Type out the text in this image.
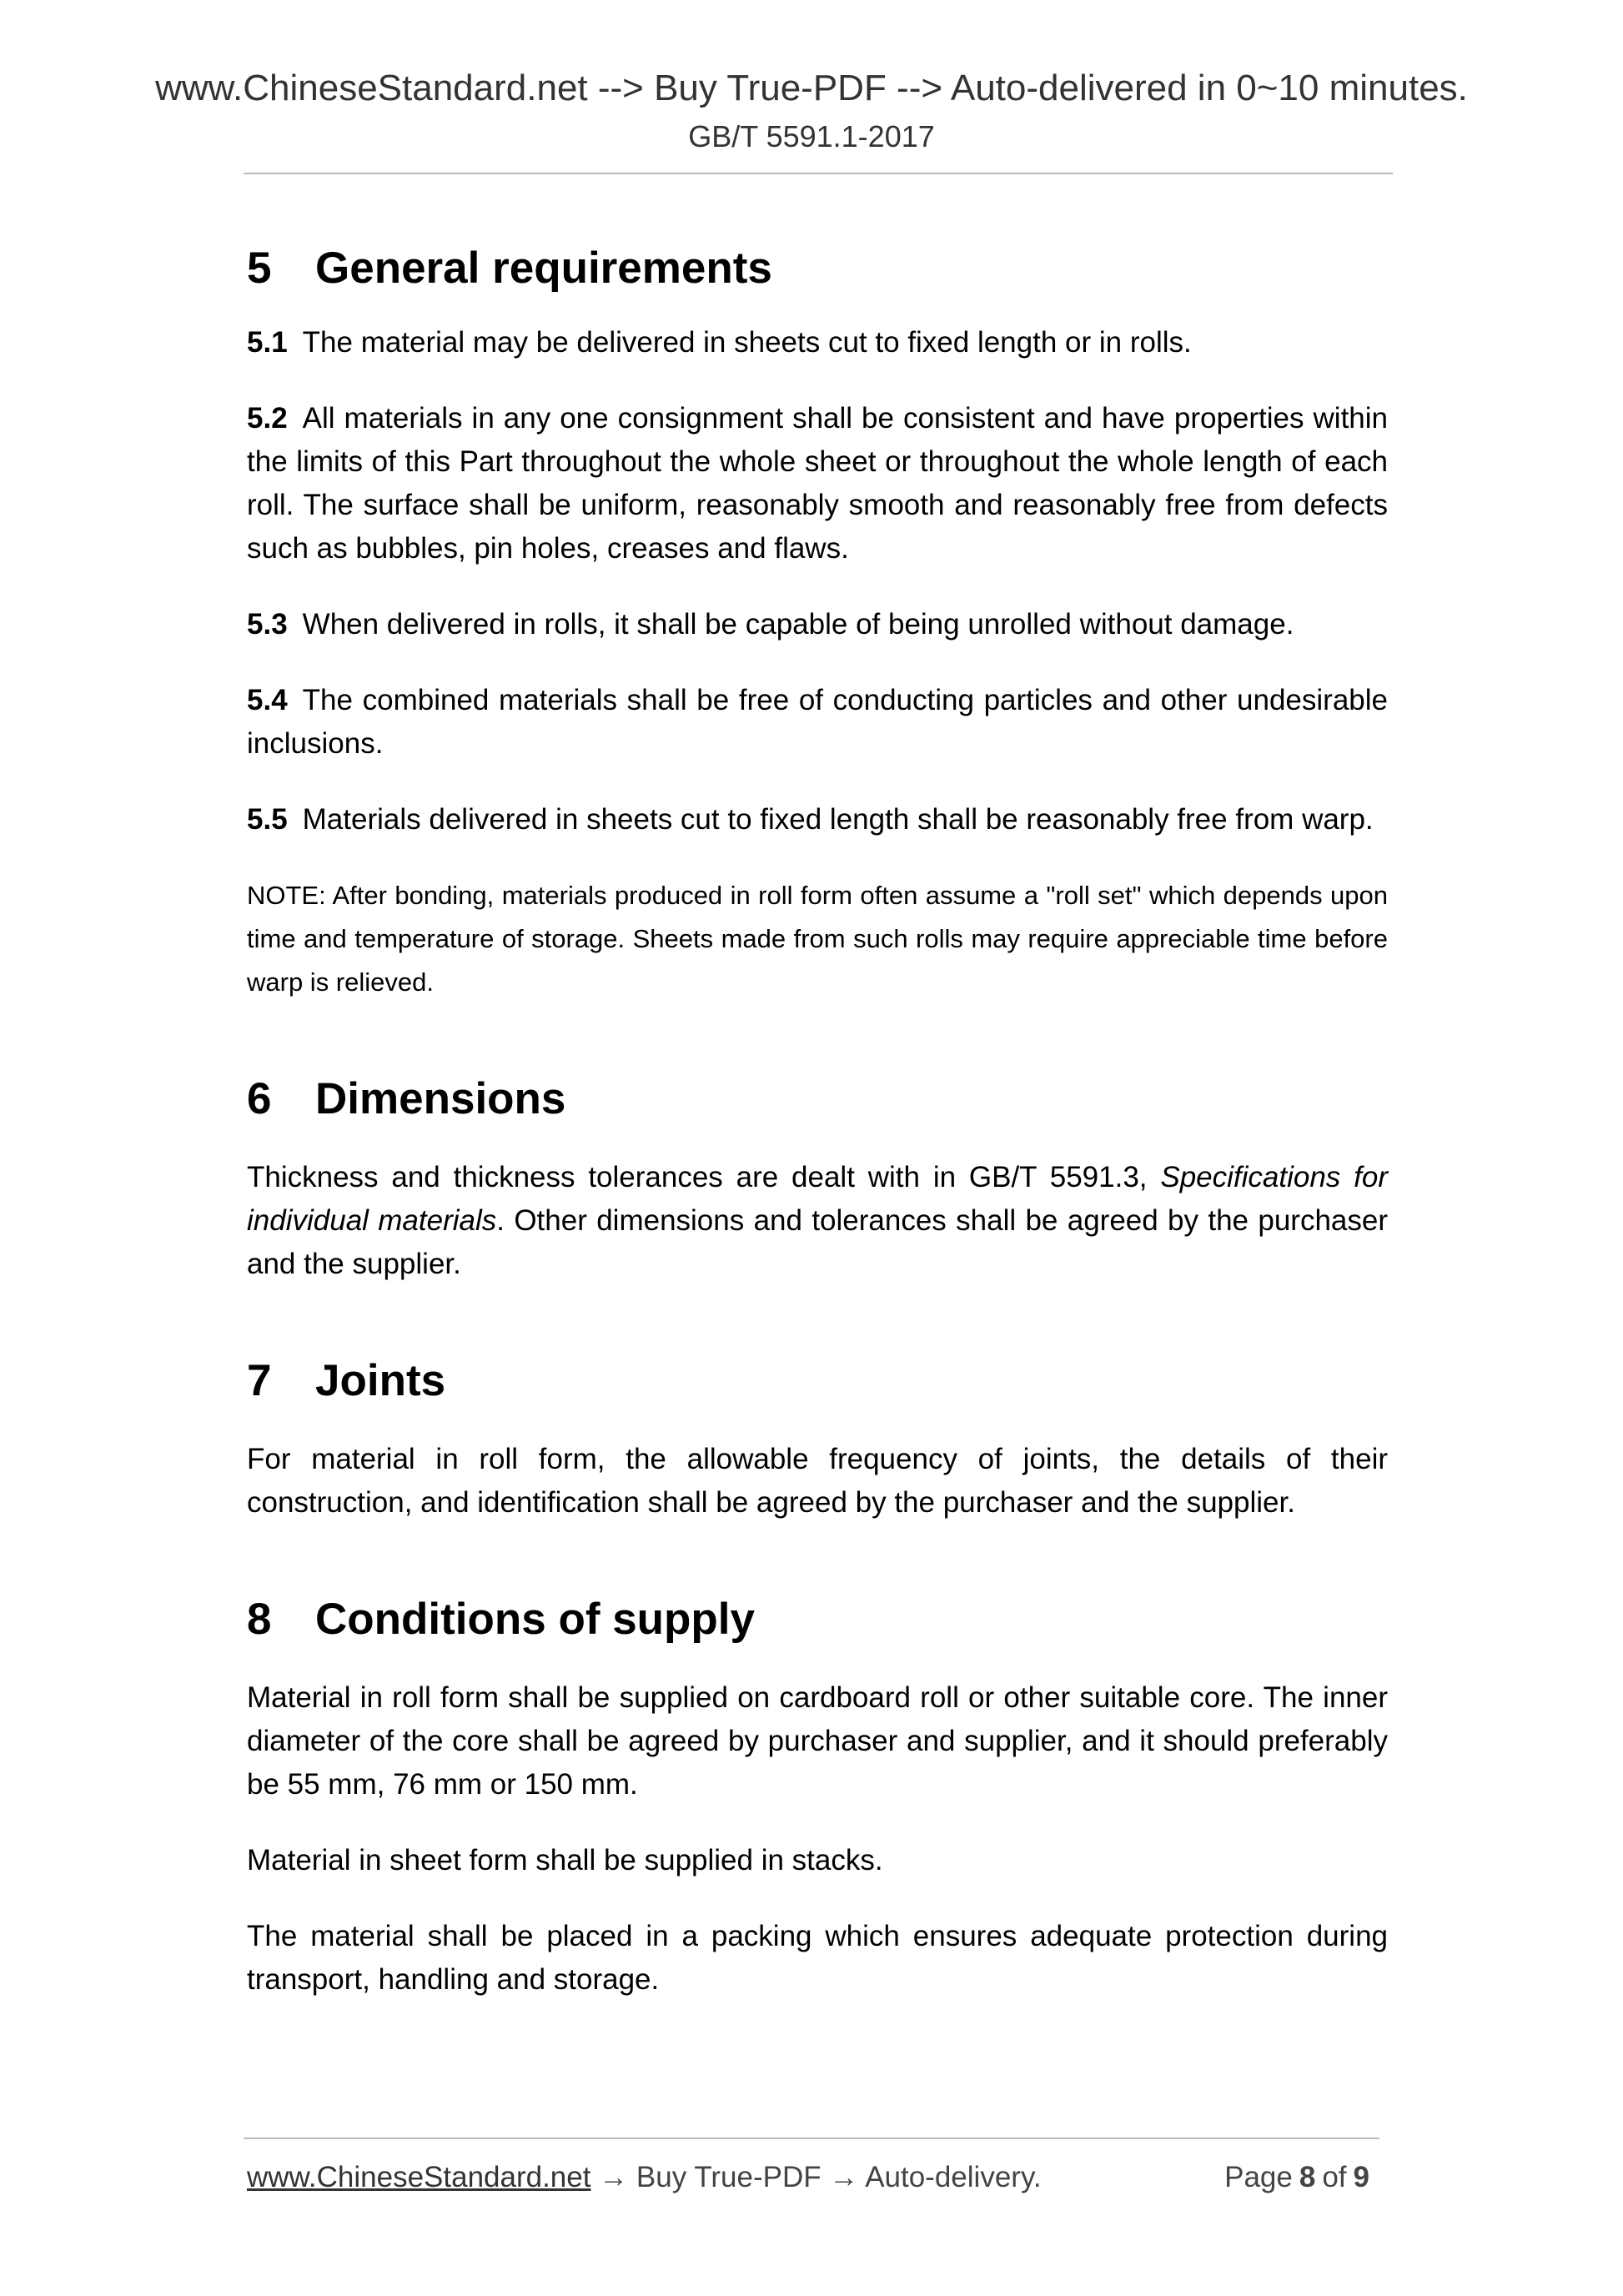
www.ChineseStandard.net --> Buy True-PDF --> Auto-delivered in 0~10 minutes.
GB/T 5591.1-2017
5 General requirements

5.1 The material may be delivered in sheets cut to fixed length or in rolls.

5.2 All materials in any one consignment shall be consistent and have properties within the limits of this Part throughout the whole sheet or throughout the whole length of each roll. The surface shall be uniform, reasonably smooth and reasonably free from defects such as bubbles, pin holes, creases and flaws.

5.3 When delivered in rolls, it shall be capable of being unrolled without damage.

5.4 The combined materials shall be free of conducting particles and other undesirable inclusions.

5.5 Materials delivered in sheets cut to fixed length shall be reasonably free from warp.

NOTE: After bonding, materials produced in roll form often assume a "roll set" which depends upon time and temperature of storage. Sheets made from such rolls may require appreciable time before warp is relieved.

6 Dimensions

Thickness and thickness tolerances are dealt with in GB/T 5591.3, Specifications for individual materials. Other dimensions and tolerances shall be agreed by the purchaser and the supplier.

7 Joints

For material in roll form, the allowable frequency of joints, the details of their construction, and identification shall be agreed by the purchaser and the supplier.

8 Conditions of supply

Material in roll form shall be supplied on cardboard roll or other suitable core. The inner diameter of the core shall be agreed by purchaser and supplier, and it should preferably be 55 mm, 76 mm or 150 mm.

Material in sheet form shall be supplied in stacks.

The material shall be placed in a packing which ensures adequate protection during transport, handling and storage.

www.ChineseStandard.net → Buy True-PDF → Auto-delivery.	Page 8 of 9
